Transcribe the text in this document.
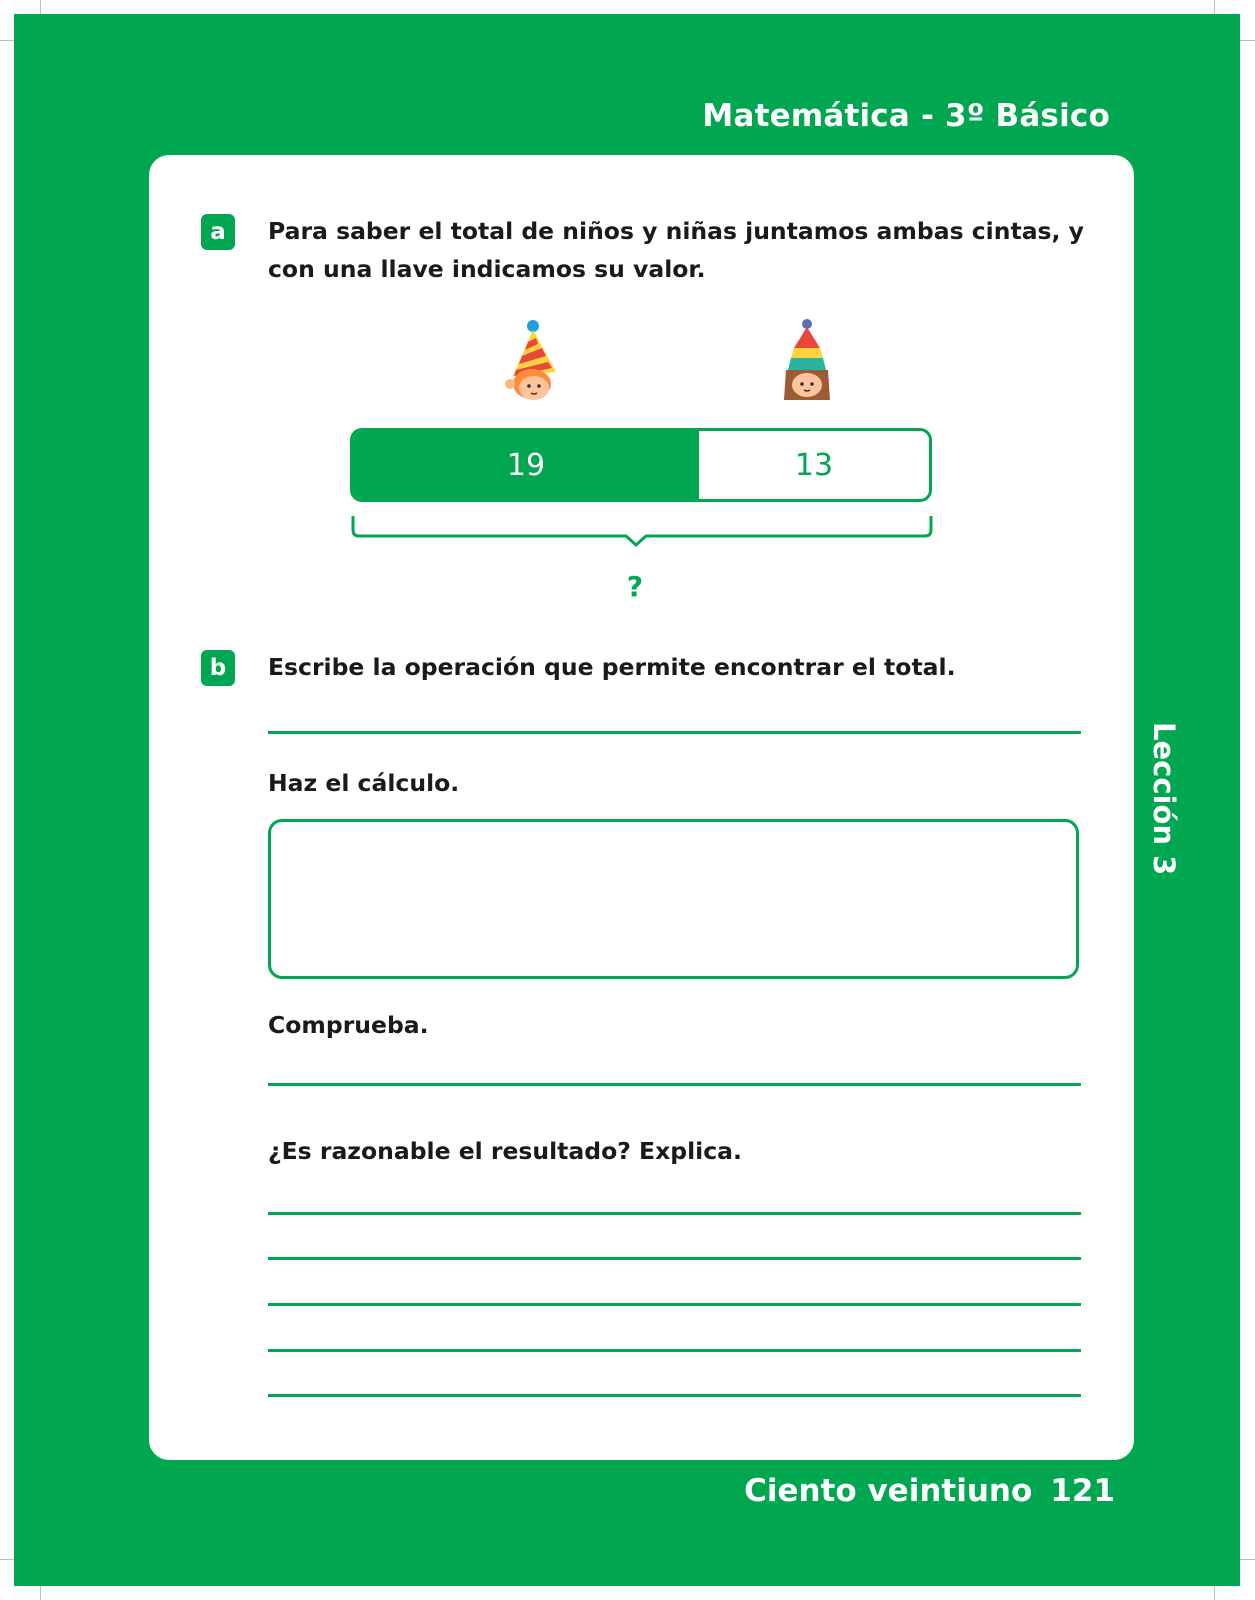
Matemática - 3º Básico
Lección 3
Ciento veintiuno 121
a	Para saber el total de niños y niñas juntamos ambas cintas, y
con una llave indicamos su valor.
19	13
?
b	Escribe la operación que permite encontrar el total.
Haz el cálculo.
Comprueba.
¿Es razonable el resultado? Explica.
